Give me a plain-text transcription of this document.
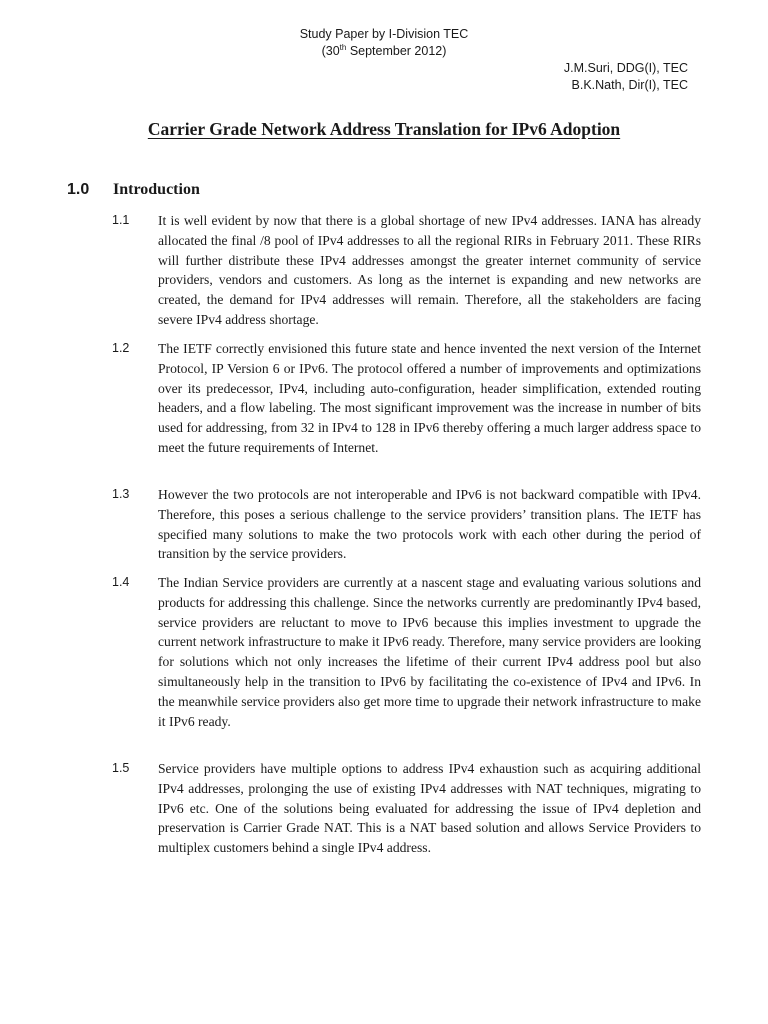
Study Paper by I-Division TEC
(30th September 2012)
J.M.Suri, DDG(I), TEC
B.K.Nath, Dir(I), TEC
Carrier Grade Network Address Translation for IPv6 Adoption
1.0 Introduction
1.1 It is well evident by now that there is a global shortage of new IPv4 addresses. IANA has already allocated the final /8 pool of IPv4 addresses to all the regional RIRs in February 2011. These RIRs will further distribute these IPv4 addresses amongst the greater internet community of service providers, vendors and customers. As long as the internet is expanding and new networks are created, the demand for IPv4 addresses will remain. Therefore, all the stakeholders are facing severe IPv4 address shortage.
1.2 The IETF correctly envisioned this future state and hence invented the next version of the Internet Protocol, IP Version 6 or IPv6. The protocol offered a number of improvements and optimizations over its predecessor, IPv4, including auto-configuration, header simplification, extended routing headers, and a flow labeling. The most significant improvement was the increase in number of bits used for addressing, from 32 in IPv4 to 128 in IPv6 thereby offering a much larger address space to meet the future requirements of Internet.
1.3 However the two protocols are not interoperable and IPv6 is not backward compatible with IPv4. Therefore, this poses a serious challenge to the service providers’ transition plans. The IETF has specified many solutions to make the two protocols work with each other during the period of transition by the service providers.
1.4 The Indian Service providers are currently at a nascent stage and evaluating various solutions and products for addressing this challenge. Since the networks currently are predominantly IPv4 based, service providers are reluctant to move to IPv6 because this implies investment to upgrade the current network infrastructure to make it IPv6 ready. Therefore, many service providers are looking for solutions which not only increases the lifetime of their current IPv4 address pool but also simultaneously help in the transition to IPv6 by facilitating the co-existence of IPv4 and IPv6. In the meanwhile service providers also get more time to upgrade their network infrastructure to make it IPv6 ready.
1.5 Service providers have multiple options to address IPv4 exhaustion such as acquiring additional IPv4 addresses, prolonging the use of existing IPv4 addresses with NAT techniques, migrating to IPv6 etc. One of the solutions being evaluated for addressing the issue of IPv4 depletion and preservation is Carrier Grade NAT. This is a NAT based solution and allows Service Providers to multiplex customers behind a single IPv4 address.
